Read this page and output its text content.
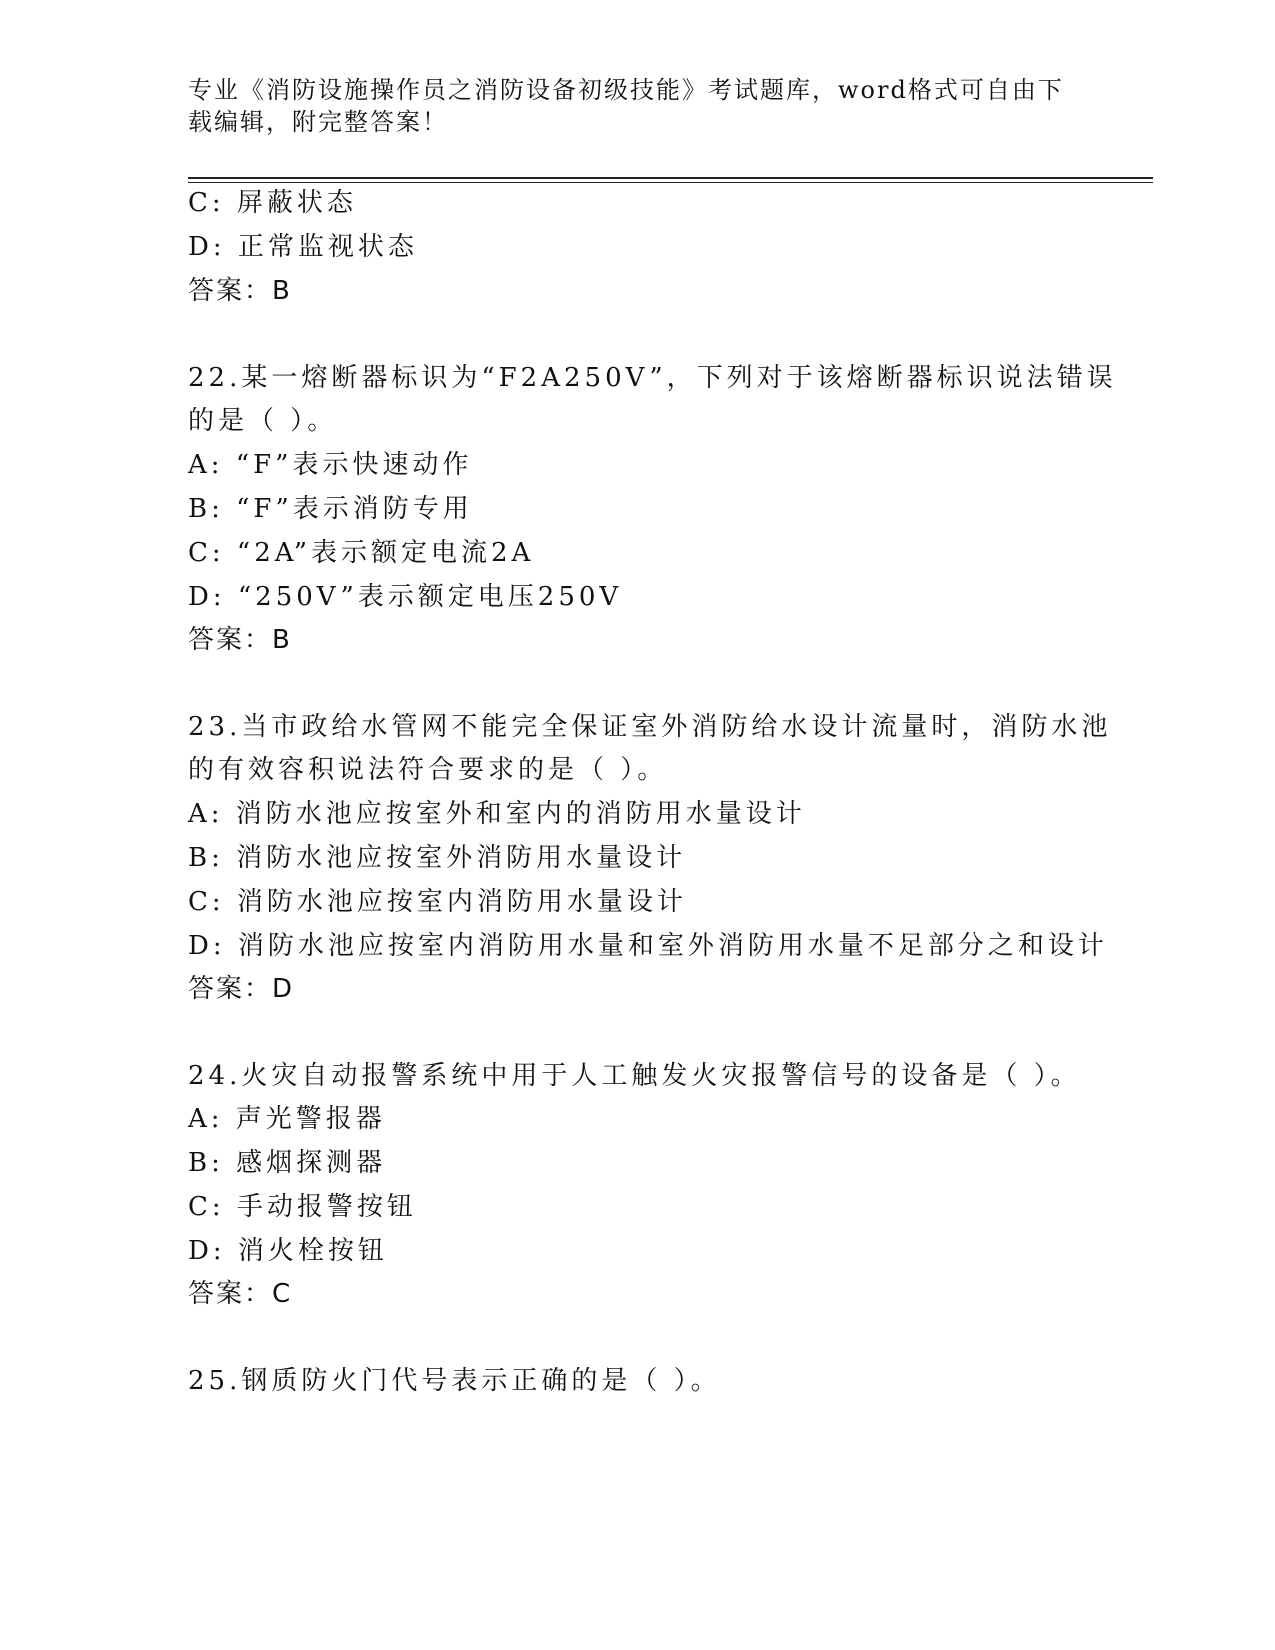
专业《消防设施操作员之消防设备初级技能》考试题库，word格式可自由下载编辑，附完整答案！
C: 屏蔽状态
D: 正常监视状态
答案：B
22.某一熔断器标识为“F2A250V”，下列对于该熔断器标识说法错误
的是（ ）。
A: “F”表示快速动作
B: “F”表示消防专用
C: “2A”表示额定电流2A
D: “250V”表示额定电压250V
答案：B
23.当市政给水管网不能完全保证室外消防给水设计流量时，消防水池
的有效容积说法符合要求的是（ ）。
A: 消防水池应按室外和室内的消防用水量设计
B: 消防水池应按室外消防用水量设计
C: 消防水池应按室内消防用水量设计
D: 消防水池应按室内消防用水量和室外消防用水量不足部分之和设计
答案：D
24.火灾自动报警系统中用于人工触发火灾报警信号的设备是（ ）。
A: 声光警报器
B: 感烟探测器
C: 手动报警按钮
D: 消火栓按钮
答案：C
25.钢质防火门代号表示正确的是（ ）。
